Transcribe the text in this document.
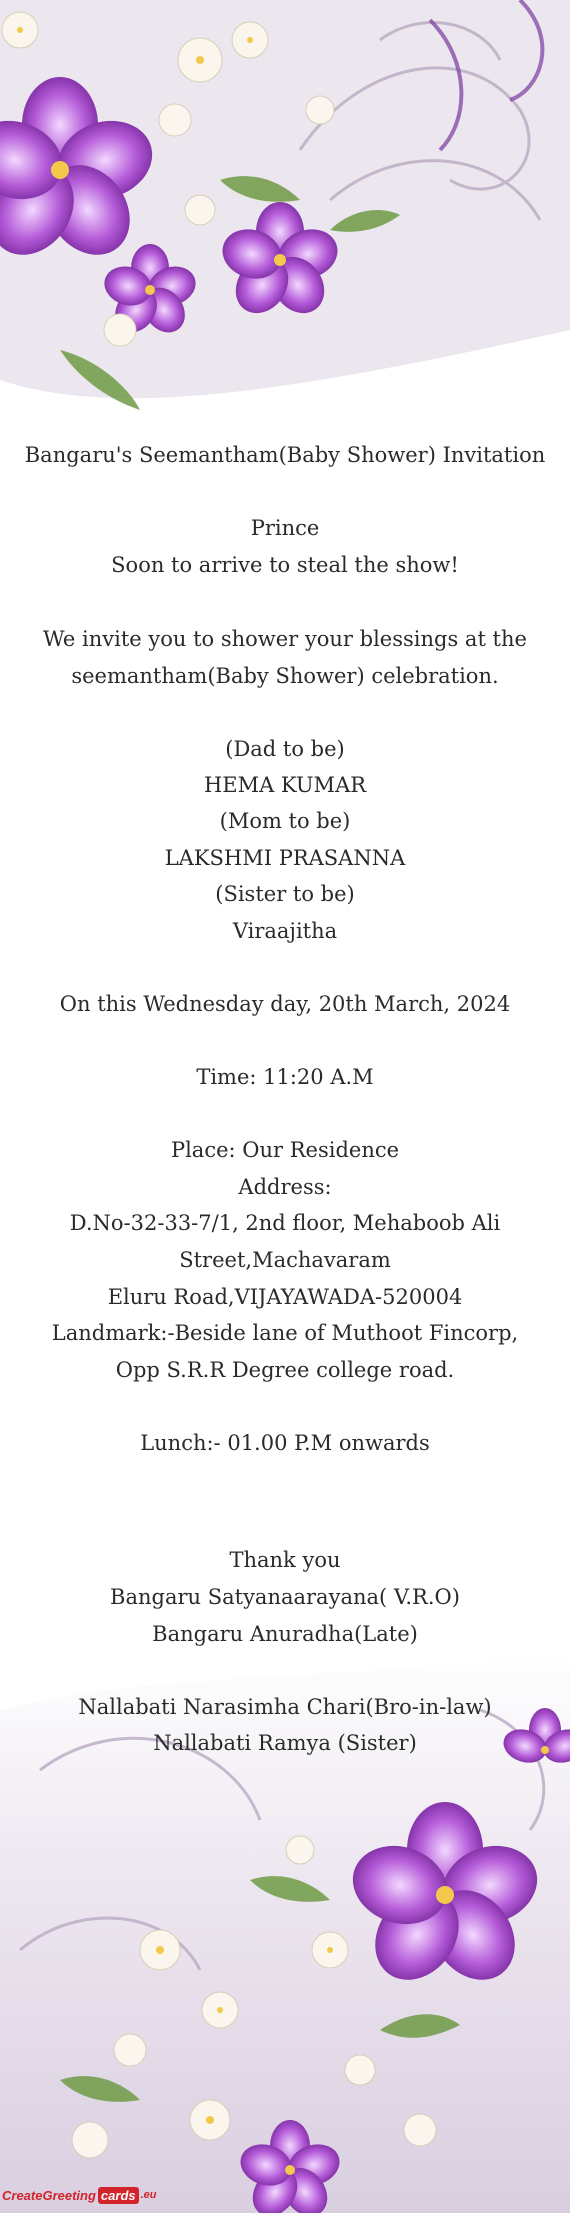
Bangaru's Seemantham(Baby Shower) Invitation
Prince
Soon to arrive to steal the show!
We invite you to shower your blessings at the
seemantham(Baby Shower) celebration.
(Dad to be)
HEMA KUMAR
(Mom to be)
LAKSHMI PRASANNA
(Sister to be)
Viraajitha
On this Wednesday day, 20th March, 2024
Time: 11:20 A.M
Place: Our Residence
Address:
D.No-32-33-7/1, 2nd floor, Mehaboob Ali
Street,Machavaram
Eluru Road,VIJAYAWADA-520004
Landmark:-Beside lane of Muthoot Fincorp,
Opp S.R.R Degree college road.
Lunch:- 01.00 P.M onwards
Thank you
Bangaru Satyanaarayana( V.R.O)
Bangaru Anuradha(Late)
Nallabati Narasimha Chari(Bro-in-law)
Nallabati Ramya (Sister)
CreateGreeting cards .eu
